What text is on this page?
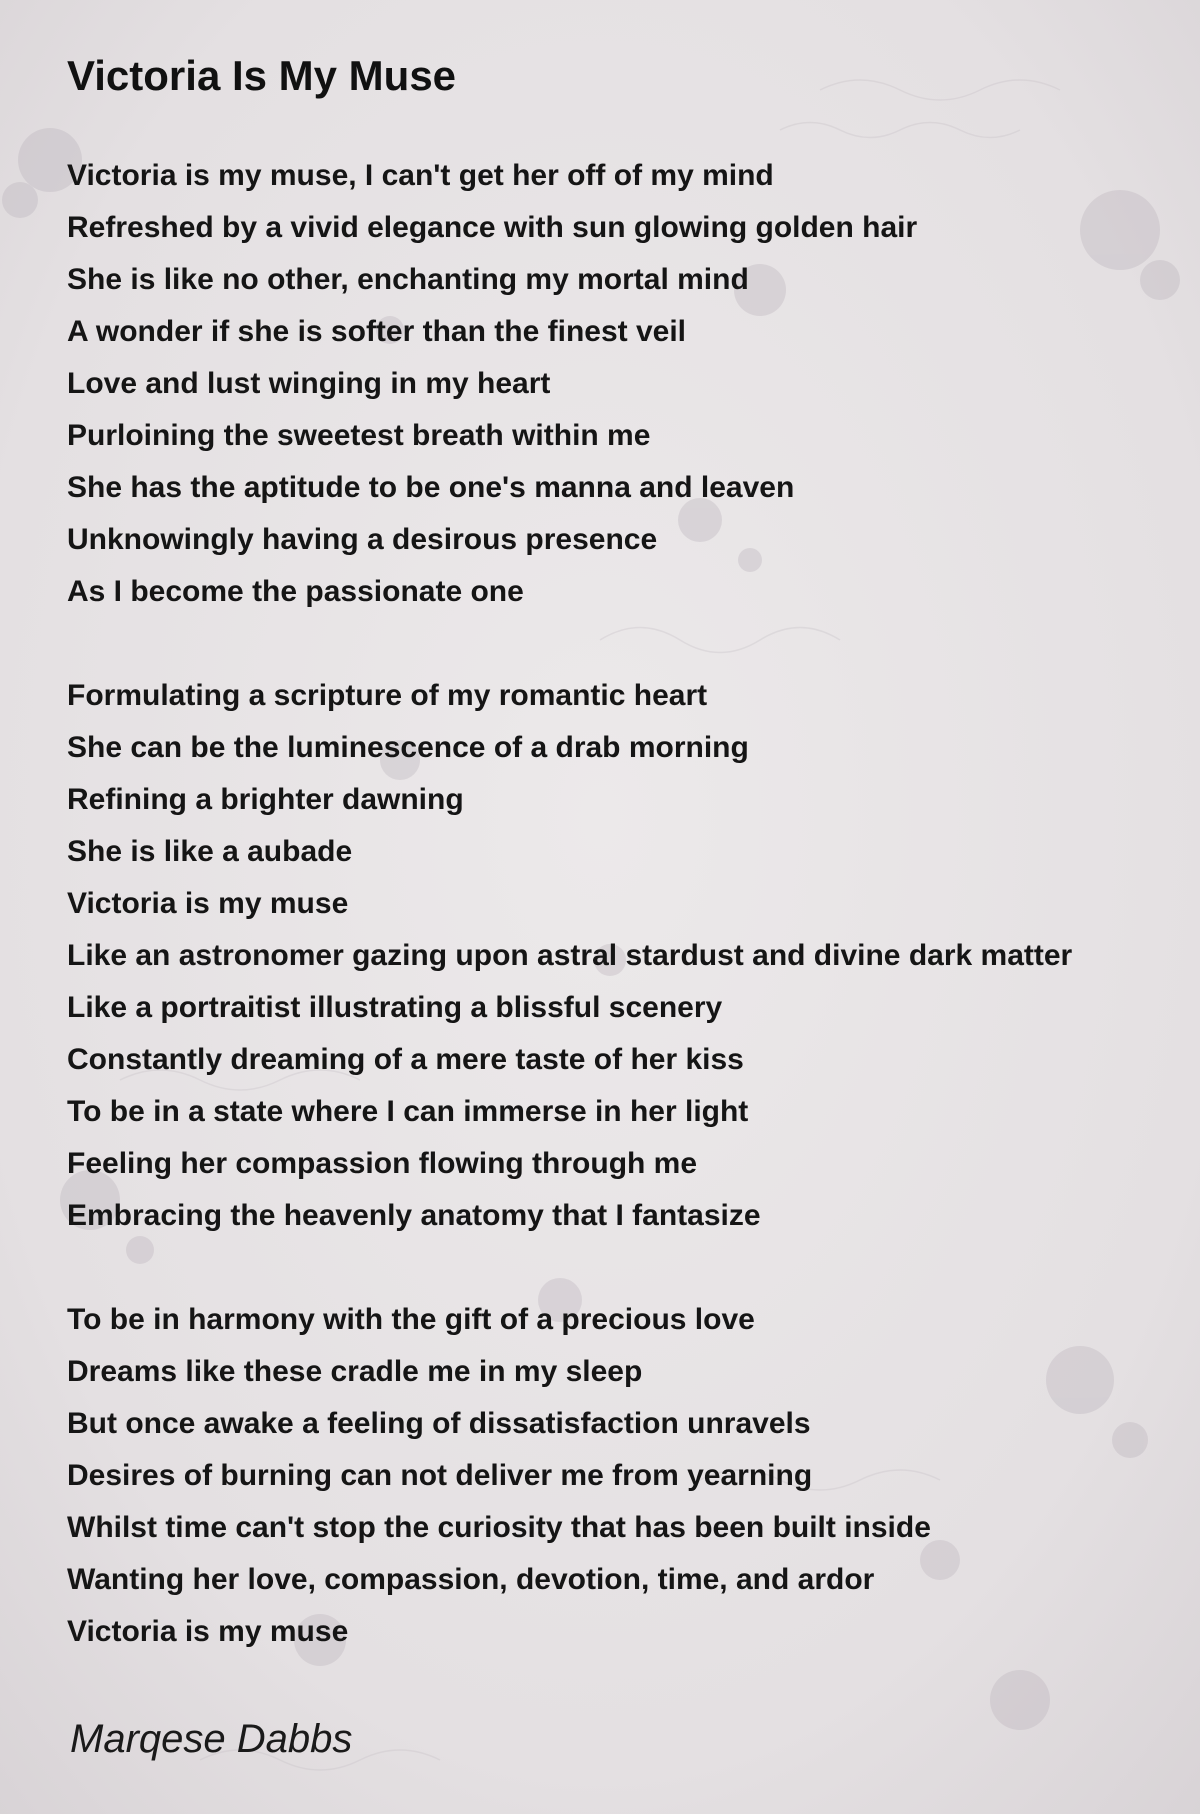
Victoria Is My Muse
Victoria is my muse, I can't get her off of my mind
Refreshed by a vivid elegance with sun glowing golden hair
She is like no other, enchanting my mortal mind
A wonder if she is softer than the finest veil
Love and lust winging in my heart
Purloining the sweetest breath within me
She has the aptitude to be one's manna and leaven
Unknowingly having a desirous presence
As I become the passionate one
Formulating a scripture of my romantic heart
She can be the luminescence of a drab morning
Refining a brighter dawning
She is like a aubade
Victoria is my muse
Like an astronomer gazing upon astral stardust and divine dark matter
Like a portraitist illustrating a blissful scenery
Constantly dreaming of a mere taste of her kiss
To be in a state where I can immerse in her light
Feeling her compassion flowing through me
Embracing the heavenly anatomy that I fantasize
To be in harmony with the gift of a precious love
Dreams like these cradle me in my sleep
But once awake a feeling of dissatisfaction unravels
Desires of burning can not deliver me from yearning
Whilst time can't stop the curiosity that has been built inside
Wanting her love, compassion, devotion, time, and ardor
Victoria is my muse
Marqese Dabbs
